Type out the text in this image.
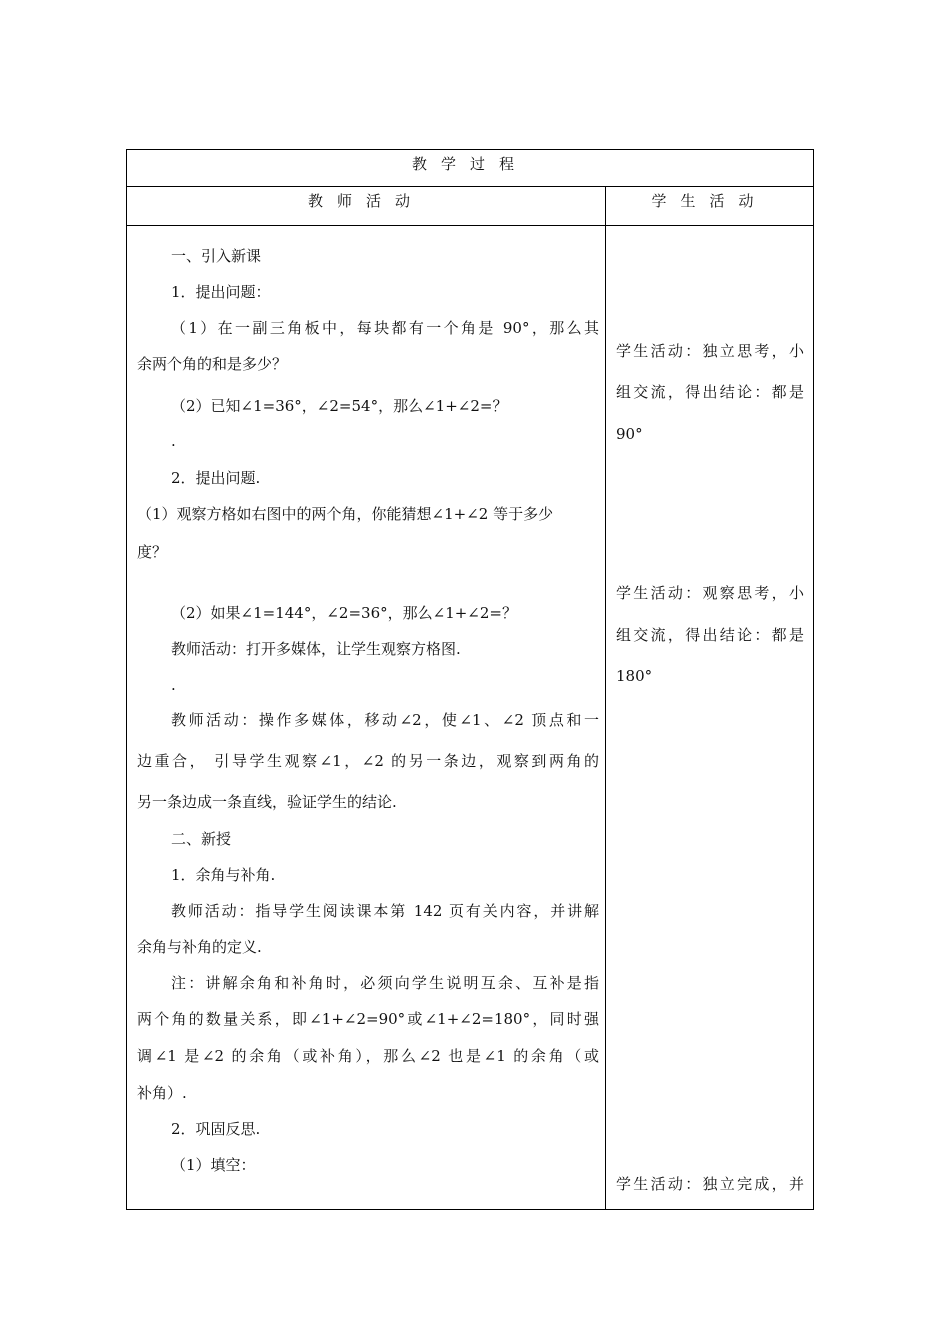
教学过程
教师活动	学生活动
一、引入新课
1．提出问题：
（1）在一副三角板中，每块都有一个角是 90°，那么其
余两个角的和是多少？
（2）已知∠1=36°，∠2=54°，那么∠1+∠2=？
.
2．提出问题.
（1）观察方格如右图中的两个角，你能猜想∠1+∠2 等于多少
度？
（2）如果∠1=144°，∠2=36°，那么∠1+∠2=？
教师活动：打开多媒体，让学生观察方格图.
.
教师活动：操作多媒体，移动∠2，使∠1、∠2 顶点和一
边重合， 引导学生观察∠1，∠2 的另一条边，观察到两角的
另一条边成一条直线，验证学生的结论.
二、新授
1．余角与补角.
教师活动：指导学生阅读课本第 142 页有关内容，并讲解
余角与补角的定义.
注：讲解余角和补角时，必须向学生说明互余、互补是指
两个角的数量关系，即∠1+∠2=90°或∠1+∠2=180°，同时强
调∠1 是∠2 的余角（或补角），那么∠2 也是∠1 的余角（或
补角）.
2．巩固反思.
（1）填空：
学生活动：独立思考，小
组交流，得出结论：都是
90°
学生活动：观察思考，小
组交流，得出结论：都是
180°
学生活动：独立完成，并
